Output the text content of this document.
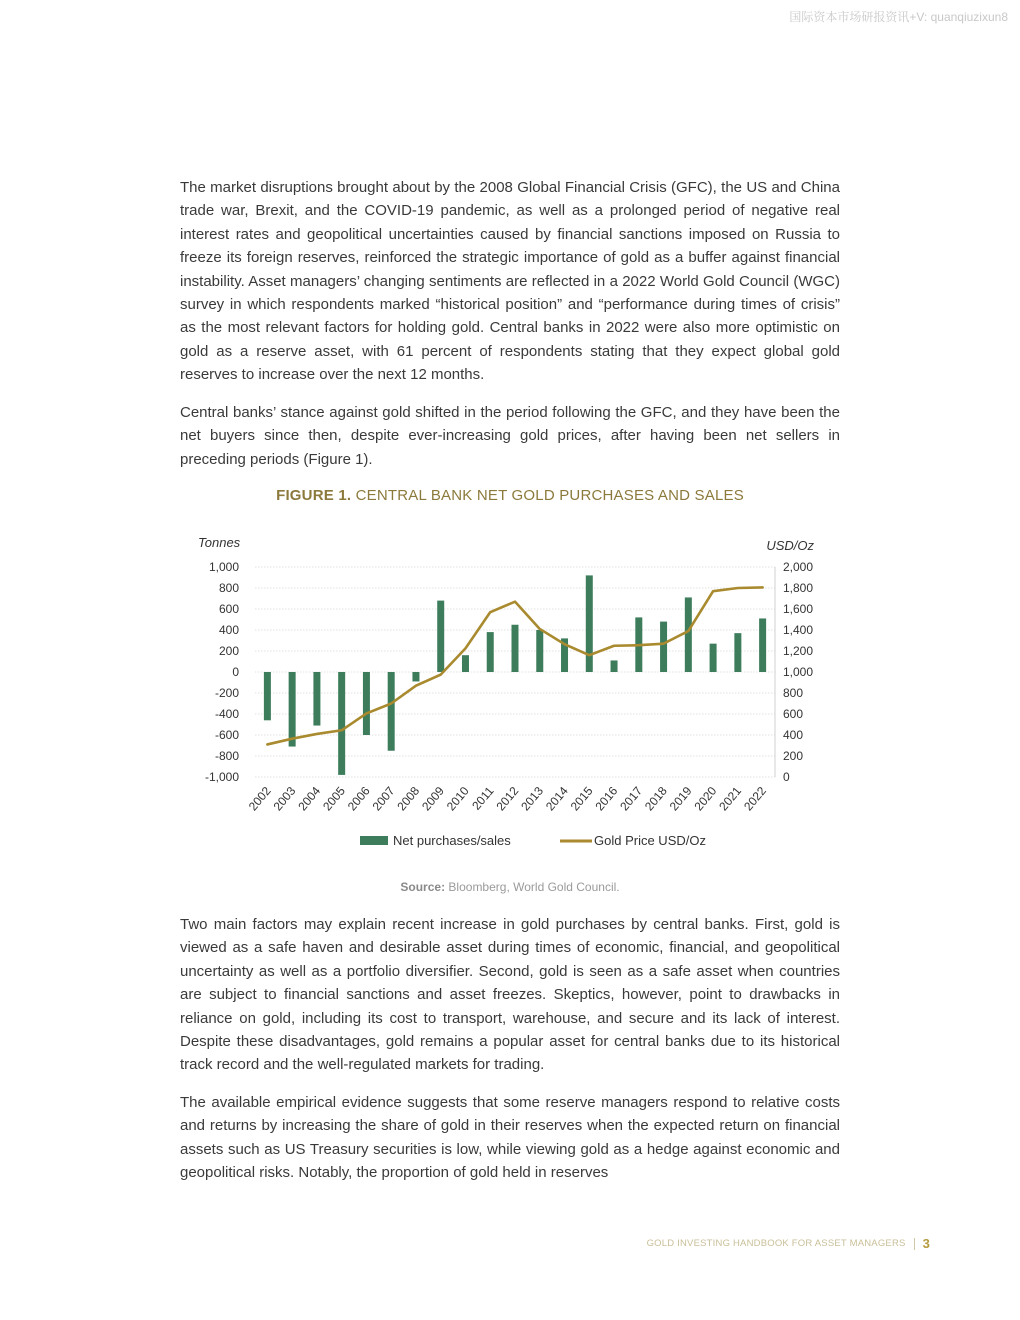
国际资本市场研报资讯+V: quanqiuzixun8

The market disruptions brought about by the 2008 Global Financial Crisis (GFC), the US and China trade war, Brexit, and the COVID-19 pandemic, as well as a prolonged period of negative real interest rates and geopolitical uncertainties caused by financial sanctions imposed on Russia to freeze its foreign reserves, reinforced the strategic importance of gold as a buffer against financial instability. Asset managers’ changing sentiments are reflected in a 2022 World Gold Council (WGC) survey in which respondents marked “historical position” and “performance during times of crisis” as the most relevant factors for holding gold. Central banks in 2022 were also more optimistic on gold as a reserve asset, with 61 percent of respondents stating that they expect global gold reserves to increase over the next 12 months.

Central banks’ stance against gold shifted in the period following the GFC, and they have been the net buyers since then, despite ever-increasing gold prices, after having been net sellers in preceding periods (Figure 1).

FIGURE 1. CENTRAL BANK NET GOLD PURCHASES AND SALES
1,000	2,000
800	1,800
600	1,600
400	1,400
200	1,200
0	1,000
-200	800
-400	600
-600	400
-800	200
-1,000	0
2002
2003
2004
2005
2006
2007
2008
2009
2010
2011
2012
2013
2014
2015
2016
2017
2018
2019
2020
2021
2022
Tonnes	USD/Oz
Net purchases/sales	Gold Price USD/Oz
Source: Bloomberg, World Gold Council.

Two main factors may explain recent increase in gold purchases by central banks. First, gold is viewed as a safe haven and desirable asset during times of economic, financial, and geopolitical uncertainty as well as a portfolio diversifier. Second, gold is seen as a safe asset when countries are subject to financial sanctions and asset freezes. Skeptics, however, point to drawbacks in reliance on gold, including its cost to transport, warehouse, and secure and its lack of interest. Despite these disadvantages, gold remains a popular asset for central banks due to its historical track record and the well-regulated markets for trading.

The available empirical evidence suggests that some reserve managers respond to relative costs and returns by increasing the share of gold in their reserves when the expected return on financial assets such as US Treasury securities is low, while viewing gold as a hedge against economic and geopolitical risks. Notably, the proportion of gold held in reserves

GOLD INVESTING HANDBOOK FOR ASSET MANAGERS 3
